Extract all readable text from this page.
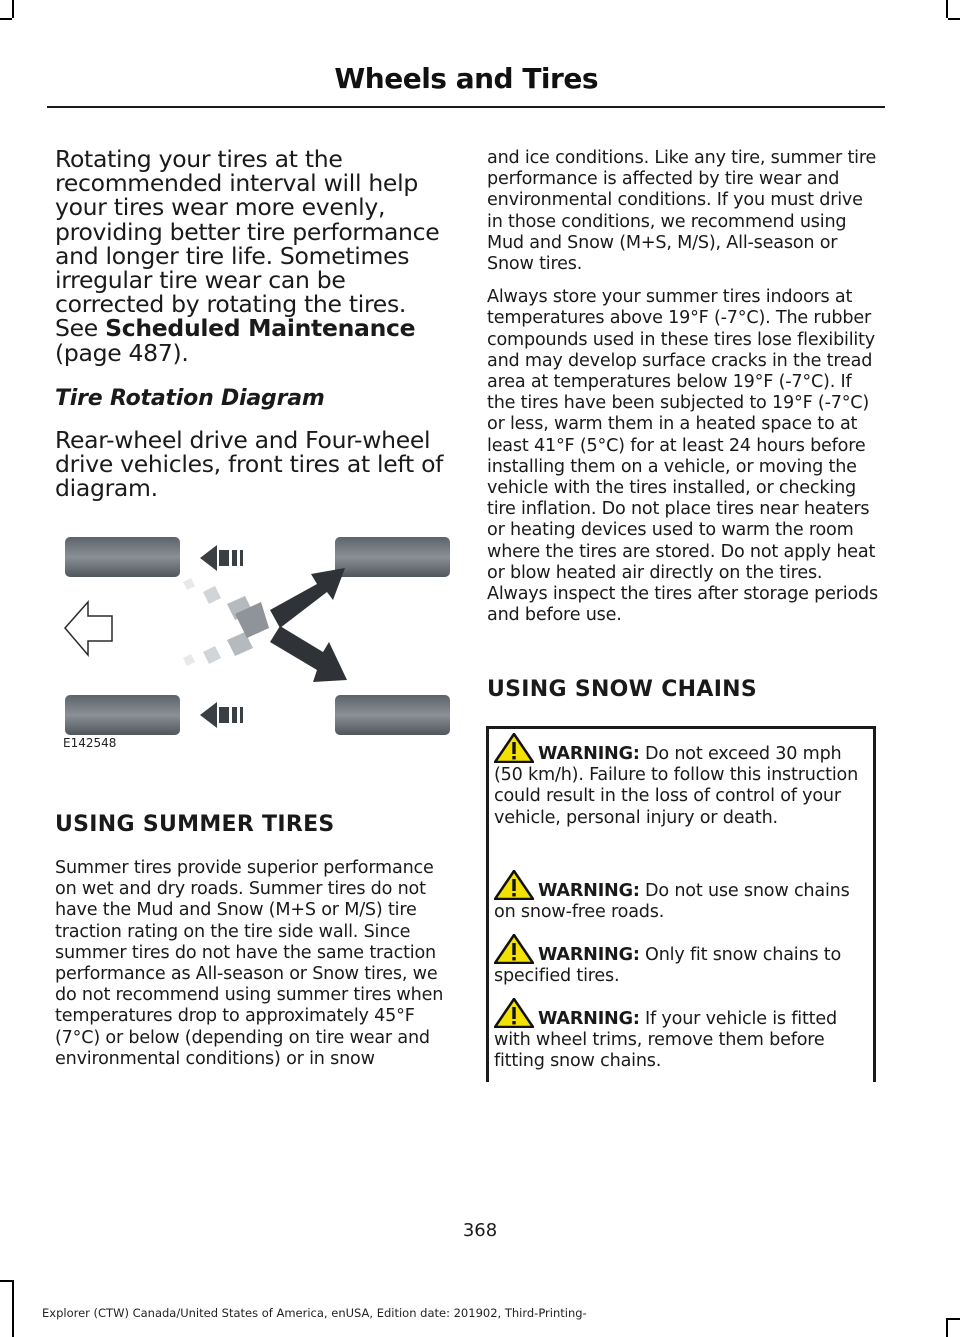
Wheels and Tires

Rotating your tires at the recommended interval will help your tires wear more evenly, providing better tire performance and longer tire life. Sometimes irregular tire wear can be corrected by rotating the tires. See Scheduled Maintenance (page 487).

Tire Rotation Diagram

Rear-wheel drive and Four-wheel drive vehicles, front tires at left of diagram.

E142548
USING SUMMER TIRES

Summer tires provide superior performance on wet and dry roads. Summer tires do not have the Mud and Snow (M+S or M/S) tire traction rating on the tire side wall. Since summer tires do not have the same traction performance as All-season or Snow tires, we do not recommend using summer tires when temperatures drop to approximately 45°F (7°C) or below (depending on tire wear and environmental conditions) or in snow

and ice conditions. Like any tire, summer tire performance is affected by tire wear and environmental conditions. If you must drive in those conditions, we recommend using Mud and Snow (M+S, M/S), All-season or Snow tires.

Always store your summer tires indoors at temperatures above 19°F (-7°C). The rubber compounds used in these tires lose flexibility and may develop surface cracks in the tread area at temperatures below 19°F (-7°C). If the tires have been subjected to 19°F (-7°C) or less, warm them in a heated space to at least 41°F (5°C) for at least 24 hours before installing them on a vehicle, or moving the vehicle with the tires installed, or checking tire inflation. Do not place tires near heaters or heating devices used to warm the room where the tires are stored. Do not apply heat or blow heated air directly on the tires. Always inspect the tires after storage periods and before use.

USING SNOW CHAINS
WARNING: Do not exceed 30 mph (50 km/h). Failure to follow this instruction could result in the loss of control of your vehicle, personal injury or death.
WARNING: Do not use snow chains on snow-free roads.
WARNING: Only fit snow chains to specified tires.
WARNING: If your vehicle is fitted with wheel trims, remove them before fitting snow chains.
368
Explorer (CTW) Canada/United States of America, enUSA, Edition date: 201902, Third-Printing-
